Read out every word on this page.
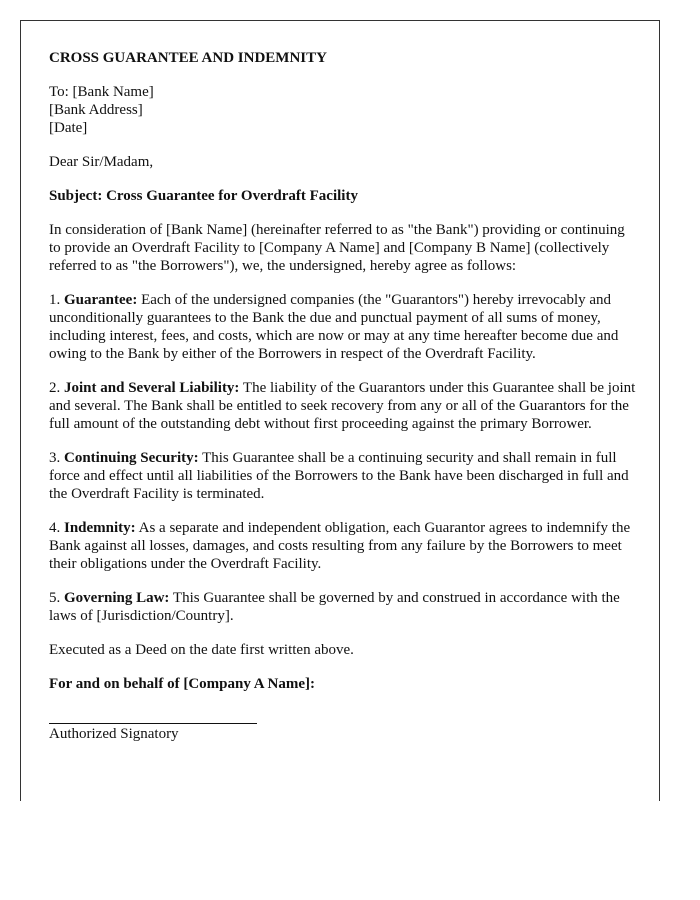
CROSS GUARANTEE AND INDEMNITY
To: [Bank Name]
[Bank Address]
[Date]

Dear Sir/Madam,

Subject: Cross Guarantee for Overdraft Facility

In consideration of [Bank Name] (hereinafter referred to as "the Bank") providing or continuing to provide an Overdraft Facility to [Company A Name] and [Company B Name] (collectively referred to as "the Borrowers"), we, the undersigned, hereby agree as follows:

1. Guarantee: Each of the undersigned companies (the "Guarantors") hereby irrevocably and unconditionally guarantees to the Bank the due and punctual payment of all sums of money, including interest, fees, and costs, which are now or may at any time hereafter become due and owing to the Bank by either of the Borrowers in respect of the Overdraft Facility.

2. Joint and Several Liability: The liability of the Guarantors under this Guarantee shall be joint and several. The Bank shall be entitled to seek recovery from any or all of the Guarantors for the full amount of the outstanding debt without first proceeding against the primary Borrower.

3. Continuing Security: This Guarantee shall be a continuing security and shall remain in full force and effect until all liabilities of the Borrowers to the Bank have been discharged in full and the Overdraft Facility is terminated.

4. Indemnity: As a separate and independent obligation, each Guarantor agrees to indemnify the Bank against all losses, damages, and costs resulting from any failure by the Borrowers to meet their obligations under the Overdraft Facility.

5. Governing Law: This Guarantee shall be governed by and construed in accordance with the laws of [Jurisdiction/Country].

Executed as a Deed on the date first written above.

For and on behalf of [Company A Name]:

Authorized Signatory
